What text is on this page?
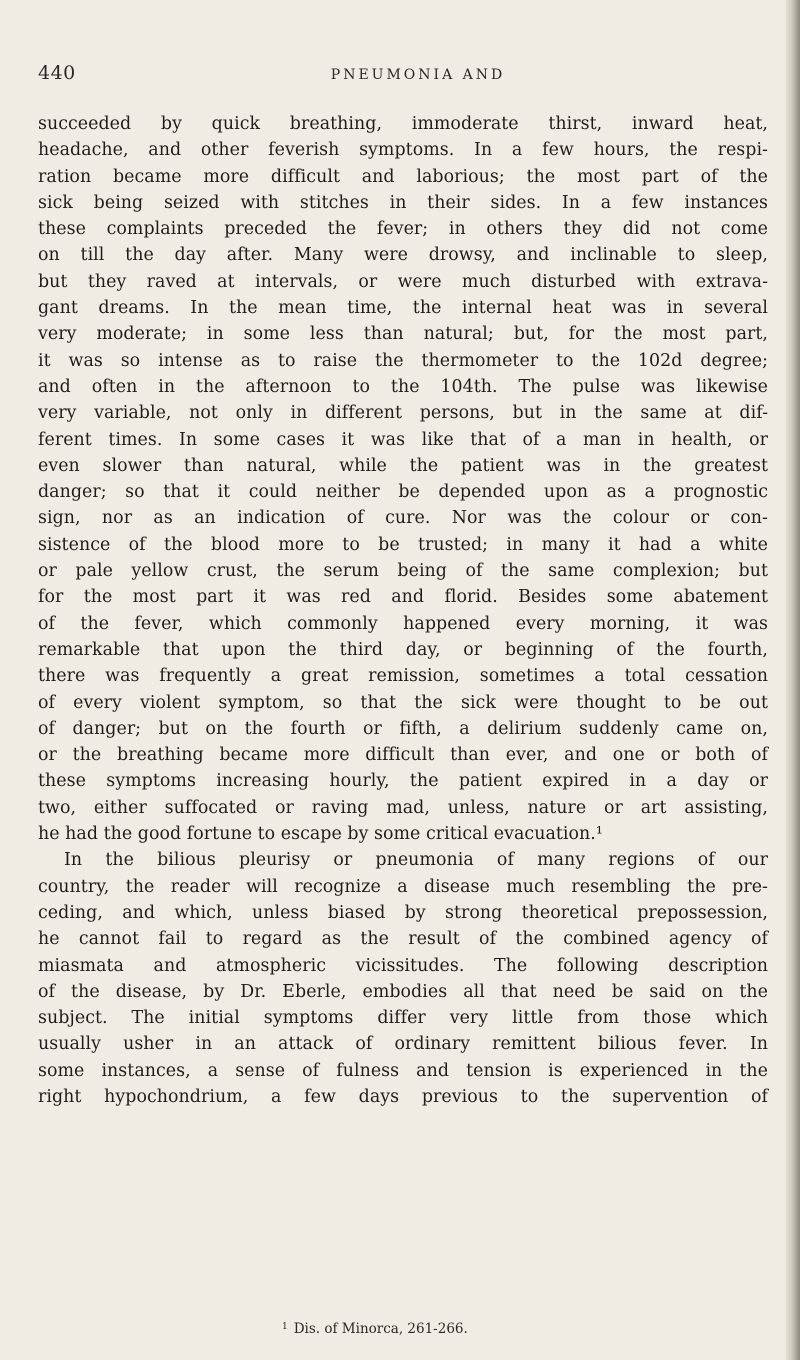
440	PNEUMONIA AND
succeeded by quick breathing, immoderate thirst, inward heat,
headache, and other feverish symptoms. In a few hours, the respi-
ration became more difficult and laborious; the most part of the
sick being seized with stitches in their sides. In a few instances
these complaints preceded the fever; in others they did not come
on till the day after. Many were drowsy, and inclinable to sleep,
but they raved at intervals, or were much disturbed with extrava-
gant dreams. In the mean time, the internal heat was in several
very moderate; in some less than natural; but, for the most part,
it was so intense as to raise the thermometer to the 102d degree;
and often in the afternoon to the 104th. The pulse was likewise
very variable, not only in different persons, but in the same at dif-
ferent times. In some cases it was like that of a man in health, or
even slower than natural, while the patient was in the greatest
danger; so that it could neither be depended upon as a prognostic
sign, nor as an indication of cure. Nor was the colour or con-
sistence of the blood more to be trusted; in many it had a white
or pale yellow crust, the serum being of the same complexion; but
for the most part it was red and florid. Besides some abatement
of the fever, which commonly happened every morning, it was
remarkable that upon the third day, or beginning of the fourth,
there was frequently a great remission, sometimes a total cessation
of every violent symptom, so that the sick were thought to be out
of danger; but on the fourth or fifth, a delirium suddenly came on,
or the breathing became more difficult than ever, and one or both of
these symptoms increasing hourly, the patient expired in a day or
two, either suffocated or raving mad, unless, nature or art assisting,
he had the good fortune to escape by some critical evacuation.¹
In the bilious pleurisy or pneumonia of many regions of our
country, the reader will recognize a disease much resembling the pre-
ceding, and which, unless biased by strong theoretical prepossession,
he cannot fail to regard as the result of the combined agency of
miasmata and atmospheric vicissitudes. The following description
of the disease, by Dr. Eberle, embodies all that need be said on the
subject. The initial symptoms differ very little from those which
usually usher in an attack of ordinary remittent bilious fever. In
some instances, a sense of fulness and tension is experienced in the
right hypochondrium, a few days previous to the supervention of
$^1$ Dis. of Minorca, 261-266.
